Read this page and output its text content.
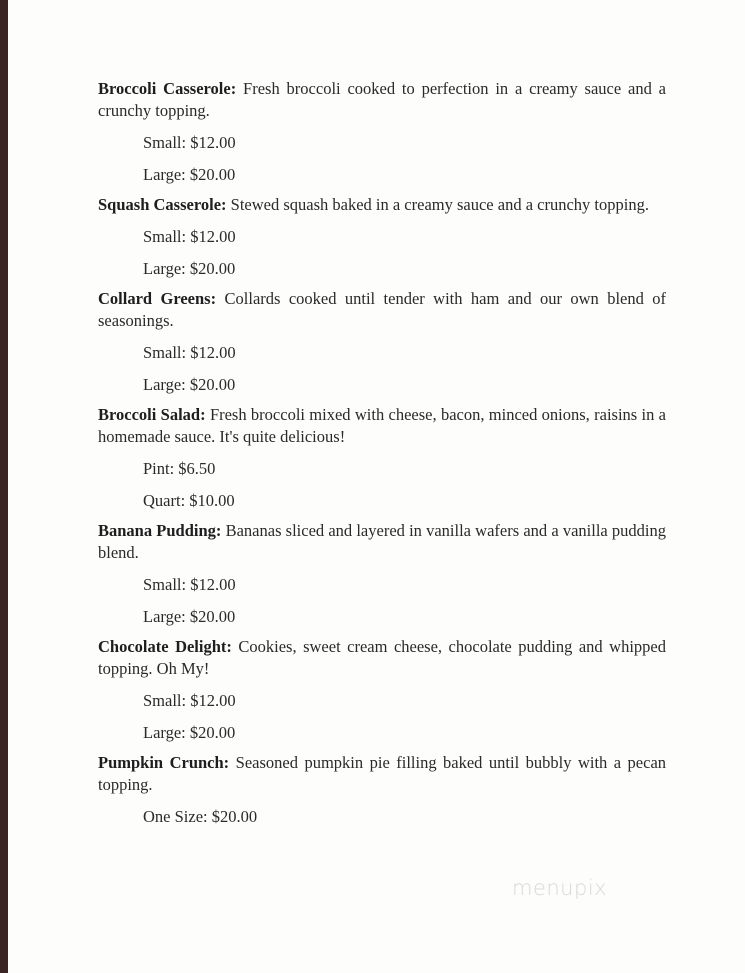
Broccoli Casserole: Fresh broccoli cooked to perfection in a creamy sauce and a crunchy topping.

Small: $12.00
Large: $20.00

Squash Casserole: Stewed squash baked in a creamy sauce and a crunchy topping.

Small: $12.00
Large: $20.00

Collard Greens: Collards cooked until tender with ham and our own blend of seasonings.

Small: $12.00
Large: $20.00

Broccoli Salad: Fresh broccoli mixed with cheese, bacon, minced onions, raisins in a homemade sauce. It's quite delicious!

Pint: $6.50
Quart: $10.00

Banana Pudding: Bananas sliced and layered in vanilla wafers and a vanilla pudding blend.

Small: $12.00
Large: $20.00

Chocolate Delight: Cookies, sweet cream cheese, chocolate pudding and whipped topping. Oh My!

Small: $12.00
Large: $20.00

Pumpkin Crunch: Seasoned pumpkin pie filling baked until bubbly with a pecan topping.

One Size: $20.00
menupix
